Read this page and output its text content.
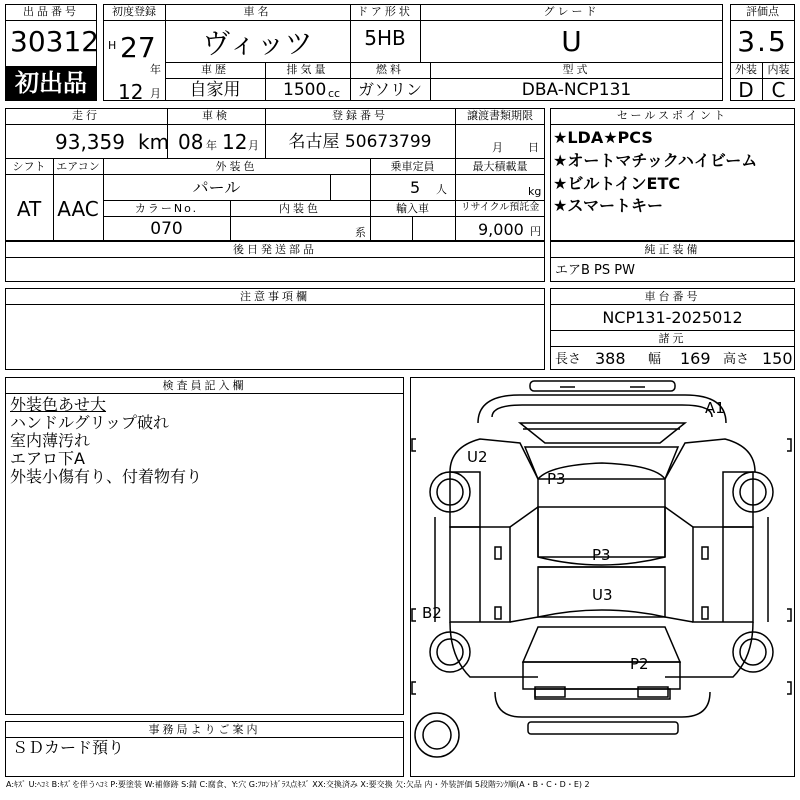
出品番号
30312
初出品
初度登録
H 27
年
12 月
車名
ヴィッツ
ドア形状
5HB
グレード
U
車歴
自家用
排気量
1500 cc
燃料
ガソリン
型式
DBA-NCP131
評価点
3.5
外装 内装
D C
走行
93,359 km
車検
08 年 12 月
登録番号
名古屋 50673799
譲渡書類期限
月 日
シフト
AT
エアコン
AAC
外装色
パール
乗車定員
5 人
最大積載量
kg
カラーNo.
070
内装色
系
輸入車	リサイクル預託金
9,000 円
後日発送部品
セールスポイント
★LDA★PCS
★オートマチックハイビーム
★ビルトインETC
★スマートキー
純正装備
エアB PS PW
注意事項欄	車台番号
NCP131-2025012
諸元
長さ 388 幅 169 高さ 150
検査員記入欄
外装色あせ大
ハンドルグリップ破れ
室内薄汚れ
エアロ下A
外装小傷有り、付着物有り
事務局よりご案内
ＳＤカード預り
A1
U2
P3
P3
U3
B2
P2
A:ｷｽﾞ U:ﾍｺﾐ B:ｷｽﾞを伴うﾍｺﾐ P:要塗装 W:補修跡 S:錆 C:腐食、Y:穴 G:ﾌﾛﾝﾄｶﾞﾗｽ点ｷｽﾞ XX:交換済み X:要交換 欠:欠品 内・外装評価 5段階ﾗﾝｸ順(A・B・C・D・E) 2
